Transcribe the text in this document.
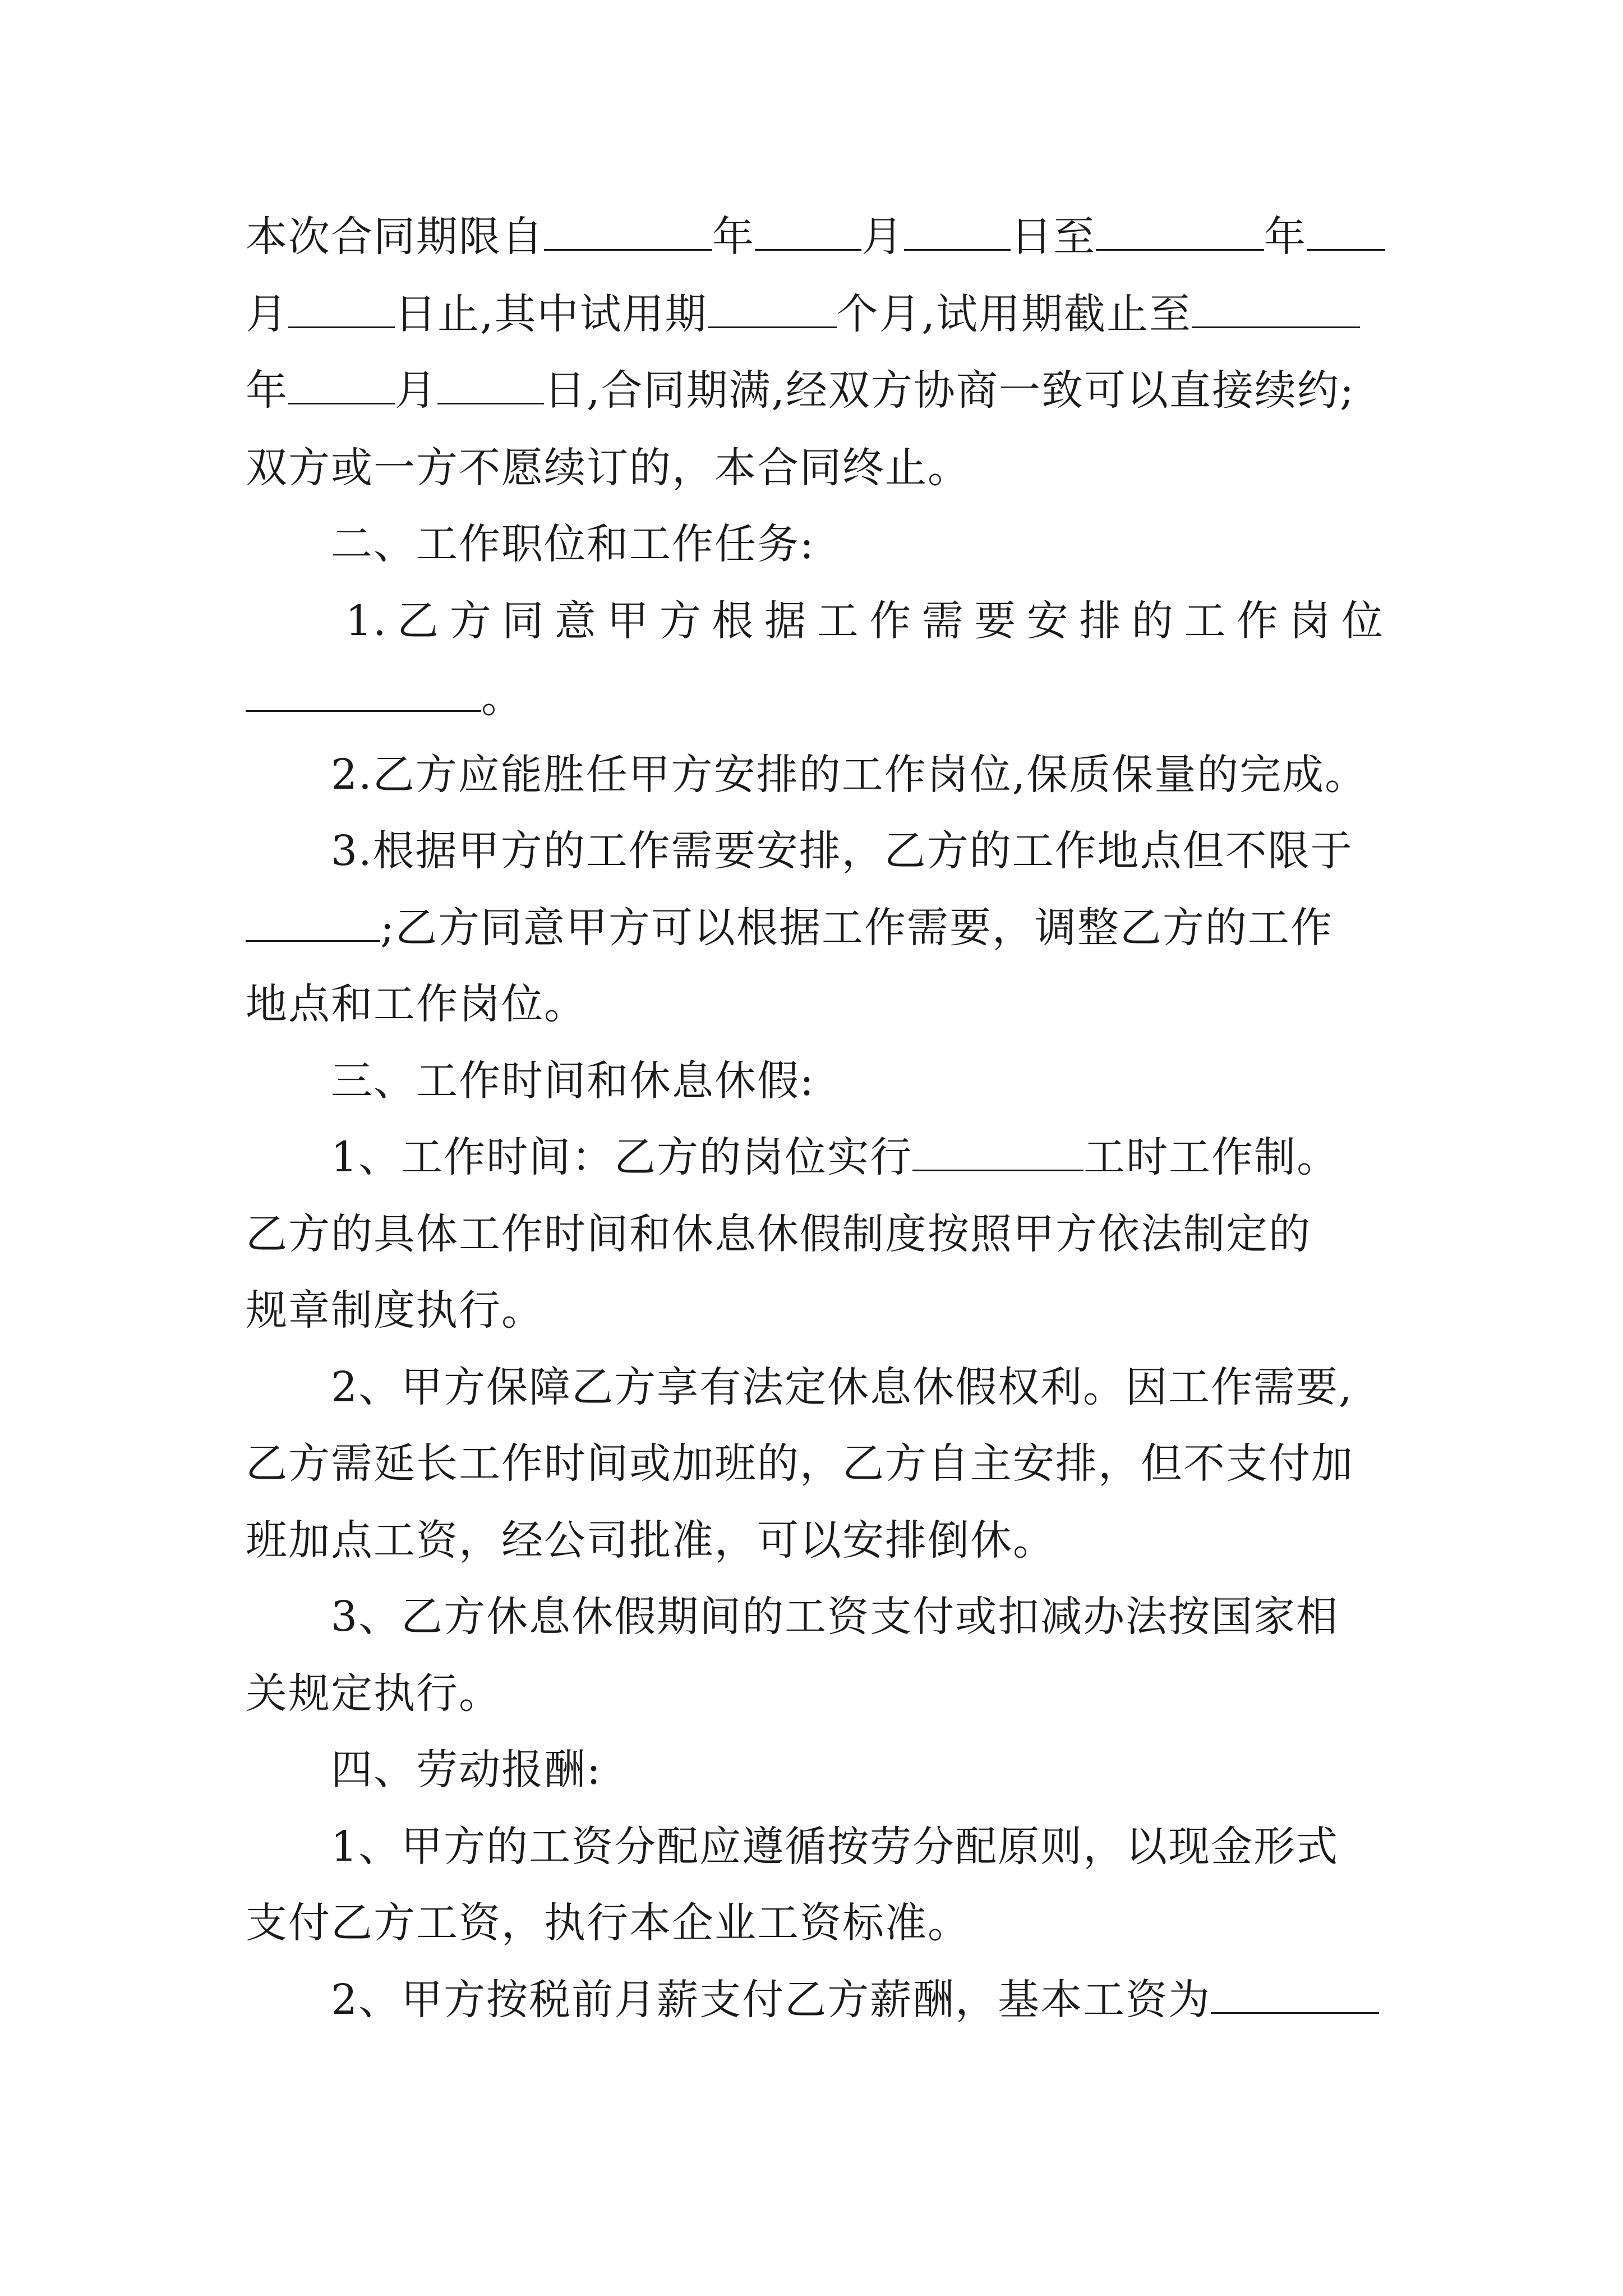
本次合同期限自	年	月	日至	年
月	日止,其中试用期	个月,试用期截止至
年	月	日,合同期满,经双方协商一致可以直接续约;
双方或一方不愿续订的，本合同终止。
二、工作职位和工作任务:
1.乙方同意甲方根据工作需要安排的工作岗位
。
2.乙方应能胜任甲方安排的工作岗位,保质保量的完成。
3.根据甲方的工作需要安排，乙方的工作地点但不限于
;乙方同意甲方可以根据工作需要，调整乙方的工作
地点和工作岗位。
三、工作时间和休息休假:
1、工作时间：乙方的岗位实行	工时工作制。
乙方的具体工作时间和休息休假制度按照甲方依法制定的
规章制度执行。
2、甲方保障乙方享有法定休息休假权利。因工作需要,
乙方需延长工作时间或加班的，乙方自主安排，但不支付加
班加点工资，经公司批准，可以安排倒休。
3、乙方休息休假期间的工资支付或扣减办法按国家相
关规定执行。
四、劳动报酬:
1、甲方的工资分配应遵循按劳分配原则，以现金形式
支付乙方工资，执行本企业工资标准。
2、甲方按税前月薪支付乙方薪酬，基本工资为
